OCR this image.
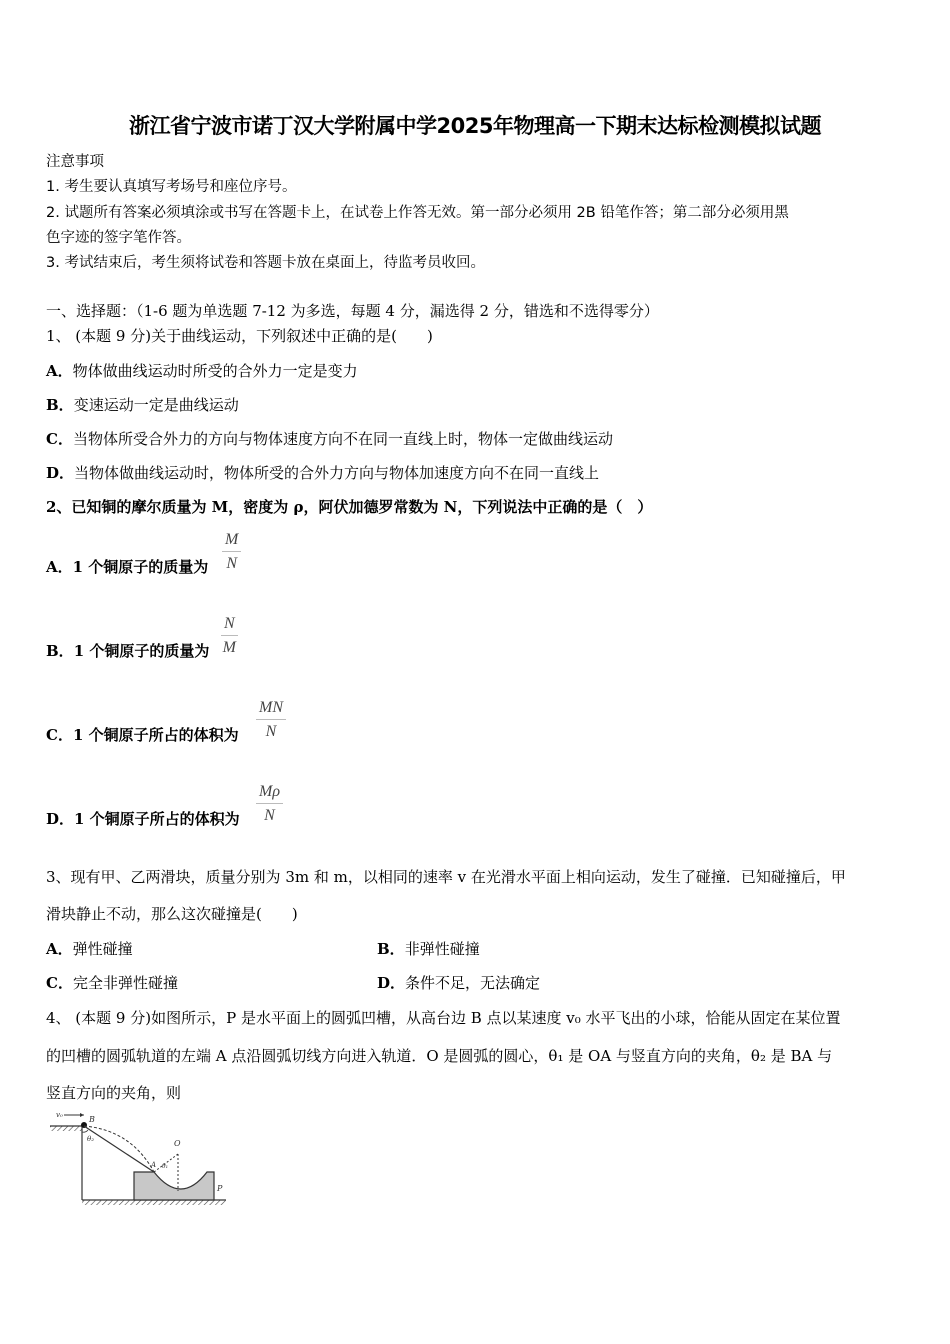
浙江省宁波市诺丁汉大学附属中学2025年物理高一下期末达标检测模拟试题
注意事项
1. 考生要认真填写考场号和座位序号。
2. 试题所有答案必须填涂或书写在答题卡上，在试卷上作答无效。第一部分必须用 2B 铅笔作答；第二部分必须用黑
色字迹的签字笔作答。
3. 考试结束后，考生须将试卷和答题卡放在桌面上，待监考员收回。
一、选择题：（1-6 题为单选题 7-12 为多选，每题 4 分，漏选得 2 分，错选和不选得零分）
1、 (本题 9 分)关于曲线运动，下列叙述中正确的是(　　)
A．物体做曲线运动时所受的合外力一定是变力
B．变速运动一定是曲线运动
C．当物体所受合外力的方向与物体速度方向不在同一直线上时，物体一定做曲线运动
D．当物体做曲线运动时，物体所受的合外力方向与物体加速度方向不在同一直线上
2、已知铜的摩尔质量为 M，密度为 ρ，阿伏加德罗常数为 N，下列说法中正确的是（　）
A．1 个铜原子的质量为 $\frac{M}{N}$
B．1 个铜原子的质量为 $\frac{N}{M}$
C．1 个铜原子所占的体积为 $\frac{MN}{N}$
D．1 个铜原子所占的体积为 $\frac{M\rho}{N}$
3、现有甲、乙两滑块，质量分别为 3m 和 m，以相同的速率 v 在光滑水平面上相向运动，发生了碰撞．已知碰撞后，甲
滑块静止不动，那么这次碰撞是(　　)
A．弹性碰撞	B．非弹性碰撞
C．完全非弹性碰撞	D．条件不足，无法确定
4、 (本题 9 分)如图所示，P 是水平面上的圆弧凹槽，从高台边 B 点以某速度 v₀ 水平飞出的小球，恰能从固定在某位置
的凹槽的圆弧轨道的左端 A 点沿圆弧切线方向进入轨道．O 是圆弧的圆心，θ₁ 是 OA 与竖直方向的夹角，θ₂ 是 BA 与
竖直方向的夹角，则
v₀	B
θ₂	O
A θ₁
P
